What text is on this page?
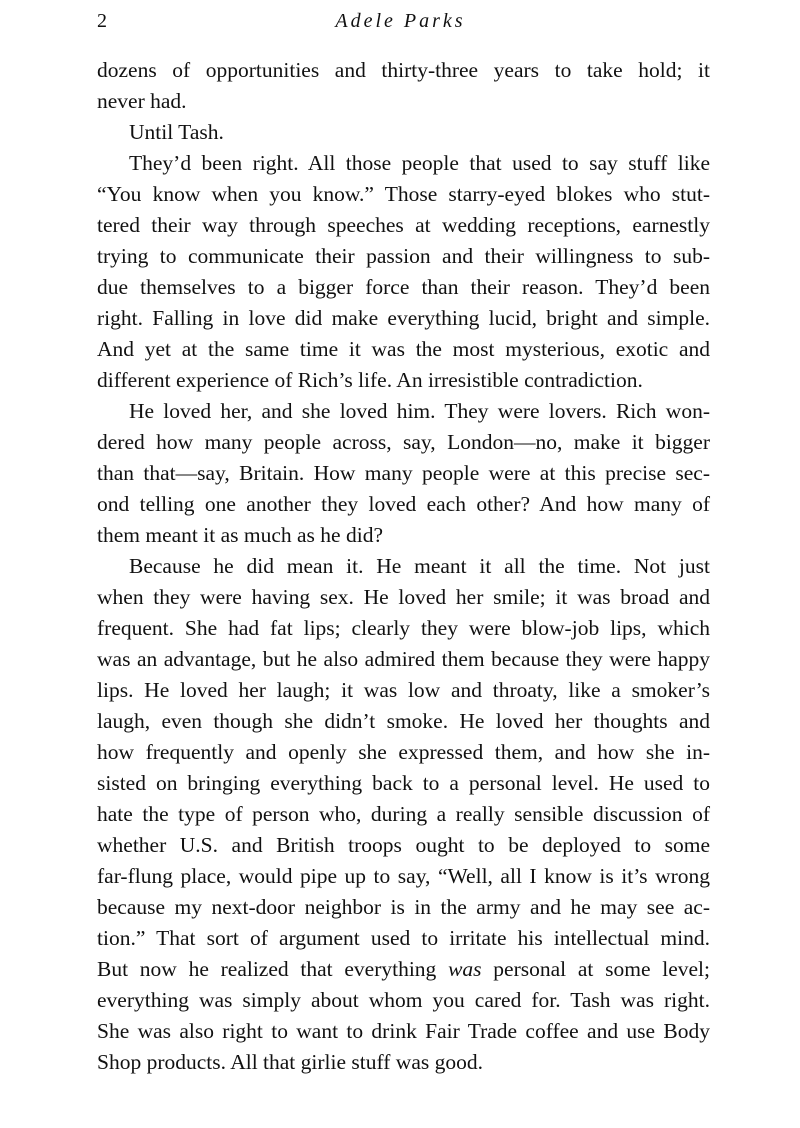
2	Adele Parks
dozens of opportunities and thirty-three years to take hold; it
never had.
Until Tash.
They’d been right. All those people that used to say stuff like
“You know when you know.” Those starry-eyed blokes who stut-
tered their way through speeches at wedding receptions, earnestly
trying to communicate their passion and their willingness to sub-
due themselves to a bigger force than their reason. They’d been
right. Falling in love did make everything lucid, bright and simple.
And yet at the same time it was the most mysterious, exotic and
different experience of Rich’s life. An irresistible contradiction.
He loved her, and she loved him. They were lovers. Rich won-
dered how many people across, say, London—no, make it bigger
than that—say, Britain. How many people were at this precise sec-
ond telling one another they loved each other? And how many of
them meant it as much as he did?
Because he did mean it. He meant it all the time. Not just
when they were having sex. He loved her smile; it was broad and
frequent. She had fat lips; clearly they were blow-job lips, which
was an advantage, but he also admired them because they were happy
lips. He loved her laugh; it was low and throaty, like a smoker’s
laugh, even though she didn’t smoke. He loved her thoughts and
how frequently and openly she expressed them, and how she in-
sisted on bringing everything back to a personal level. He used to
hate the type of person who, during a really sensible discussion of
whether U.S. and British troops ought to be deployed to some
far-flung place, would pipe up to say, “Well, all I know is it’s wrong
because my next-door neighbor is in the army and he may see ac-
tion.” That sort of argument used to irritate his intellectual mind.
But now he realized that everything was personal at some level;
everything was simply about whom you cared for. Tash was right.
She was also right to want to drink Fair Trade coffee and use Body
Shop products. All that girlie stuff was good.
